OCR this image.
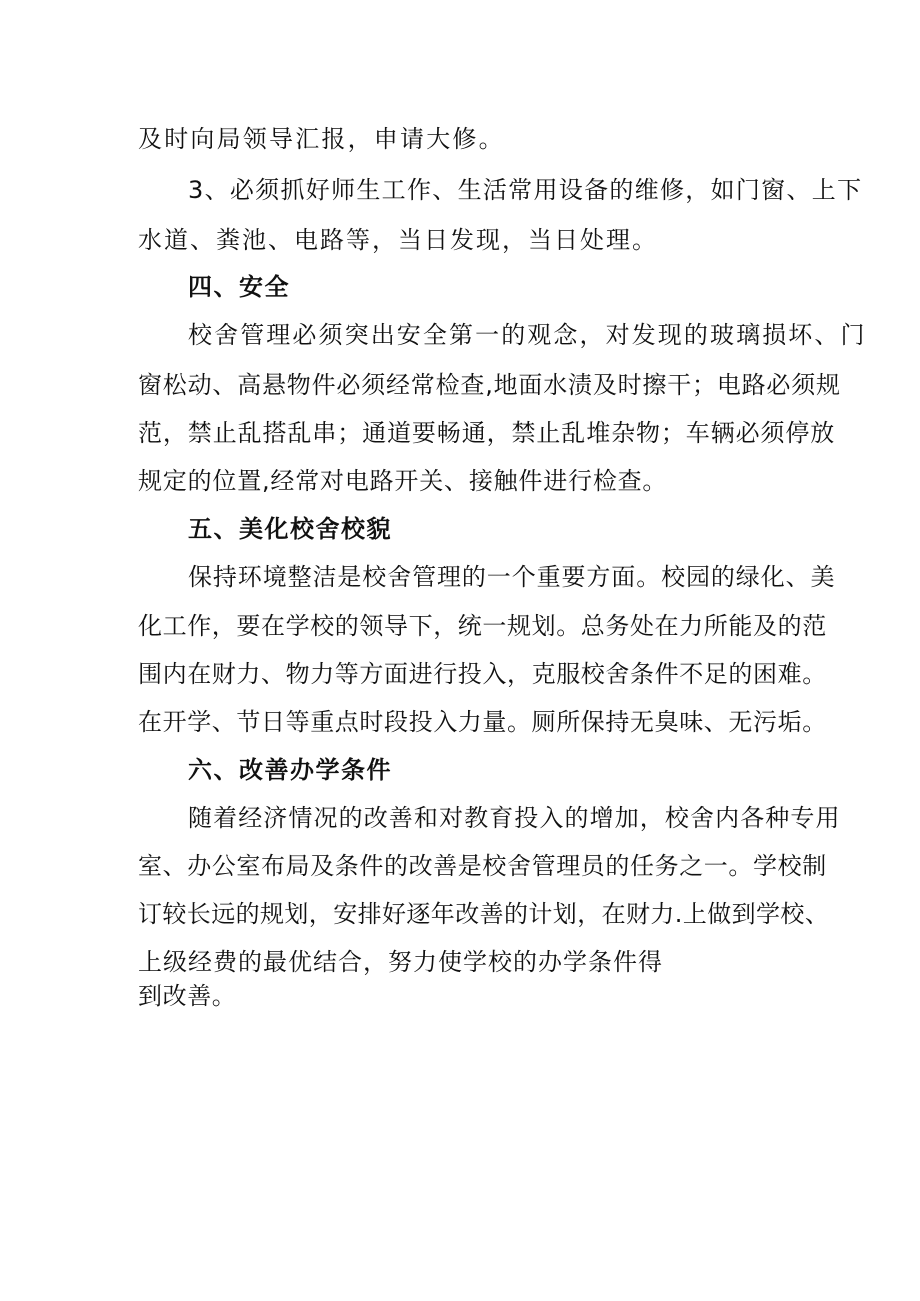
及时向局领导汇报，申请大修。
3、必须抓好师生工作、生活常用设备的维修，如门窗、上下
水道、粪池、电路等，当日发现，当日处理。
四、安全
校舍管理必须突出安全第一的观念，对发现的玻璃损坏、门
窗松动、高悬物件必须经常检查,地面水渍及时擦干；电路必须规
范，禁止乱搭乱串；通道要畅通，禁止乱堆杂物；车辆必须停放
规定的位置,经常对电路开关、接触件进行检查。
五、美化校舍校貌
保持环境整洁是校舍管理的一个重要方面。校园的绿化、美
化工作，要在学校的领导下，统一规划。总务处在力所能及的范
围内在财力、物力等方面进行投入，克服校舍条件不足的困难。
在开学、节日等重点时段投入力量。厕所保持无臭味、无污垢。
六、改善办学条件
随着经济情况的改善和对教育投入的增加，校舍内各种专用
室、办公室布局及条件的改善是校舍管理员的任务之一。学校制
订较长远的规划，安排好逐年改善的计划，在财力.上做到学校、
上级经费的最优结合，努力使学校的办学条件得
到改善。
